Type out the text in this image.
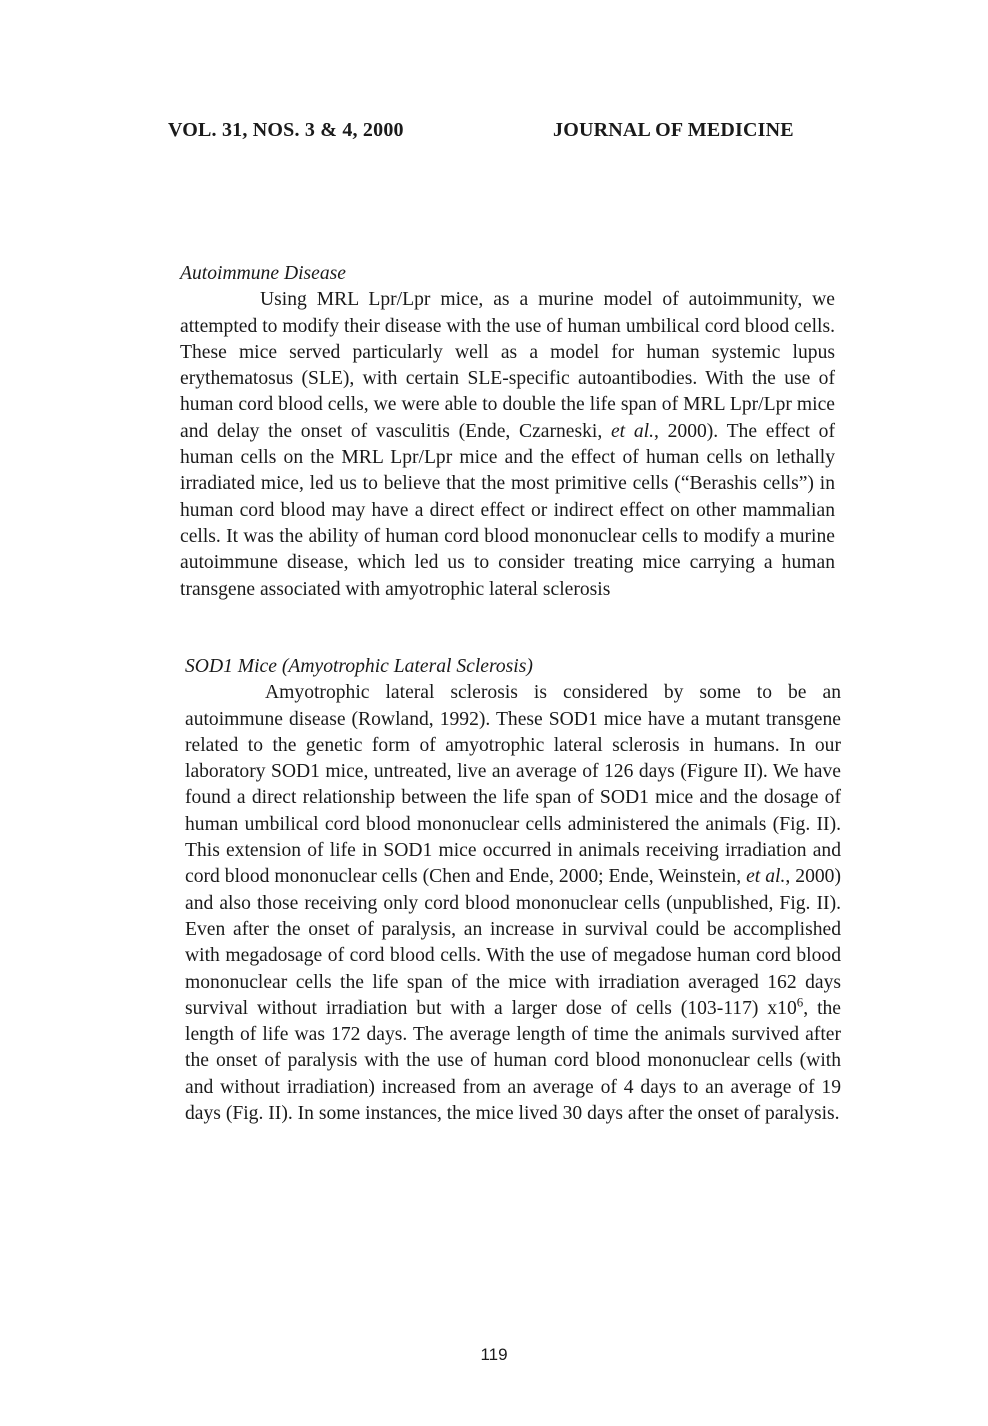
VOL. 31, NOS. 3 & 4, 2000	JOURNAL OF MEDICINE

Autoimmune Disease

Using MRL Lpr/Lpr mice, as a murine model of autoimmunity, we attempted to modify their disease with the use of human umbilical cord blood cells. These mice served particularly well as a model for human systemic lupus erythematosus (SLE), with certain SLE-specific autoantibodies. With the use of human cord blood cells, we were able to double the life span of MRL Lpr/Lpr mice and delay the onset of vasculitis (Ende, Czarneski, et al., 2000). The effect of human cells on the MRL Lpr/Lpr mice and the effect of human cells on lethally irradiated mice, led us to believe that the most primitive cells (“Berashis cells”) in human cord blood may have a direct effect or indirect effect on other mammalian cells. It was the ability of human cord blood mononuclear cells to modify a murine autoimmune disease, which led us to consider treating mice carrying a human transgene associated with amyotrophic lateral sclerosis

SOD1 Mice (Amyotrophic Lateral Sclerosis)

Amyotrophic lateral sclerosis is considered by some to be an autoimmune disease (Rowland, 1992). These SOD1 mice have a mutant transgene related to the genetic form of amyotrophic lateral sclerosis in humans. In our laboratory SOD1 mice, untreated, live an average of 126 days (Figure II). We have found a direct relationship between the life span of SOD1 mice and the dosage of human umbilical cord blood mononuclear cells administered the animals (Fig. II). This extension of life in SOD1 mice occurred in animals receiving irradiation and cord blood mononuclear cells (Chen and Ende, 2000; Ende, Weinstein, et al., 2000) and also those receiving only cord blood mononuclear cells (unpublished, Fig. II). Even after the onset of paralysis, an increase in survival could be accomplished with megadosage of cord blood cells. With the use of megadose human cord blood mononuclear cells the life span of the mice with irradiation averaged 162 days survival without irradiation but with a larger dose of cells (103-117) $x10^6$, the length of life was 172 days. The average length of time the animals survived after the onset of paralysis with the use of human cord blood mononuclear cells (with and without irradiation) increased from an average of 4 days to an average of 19 days (Fig. II). In some instances, the mice lived 30 days after the onset of paralysis.

119
